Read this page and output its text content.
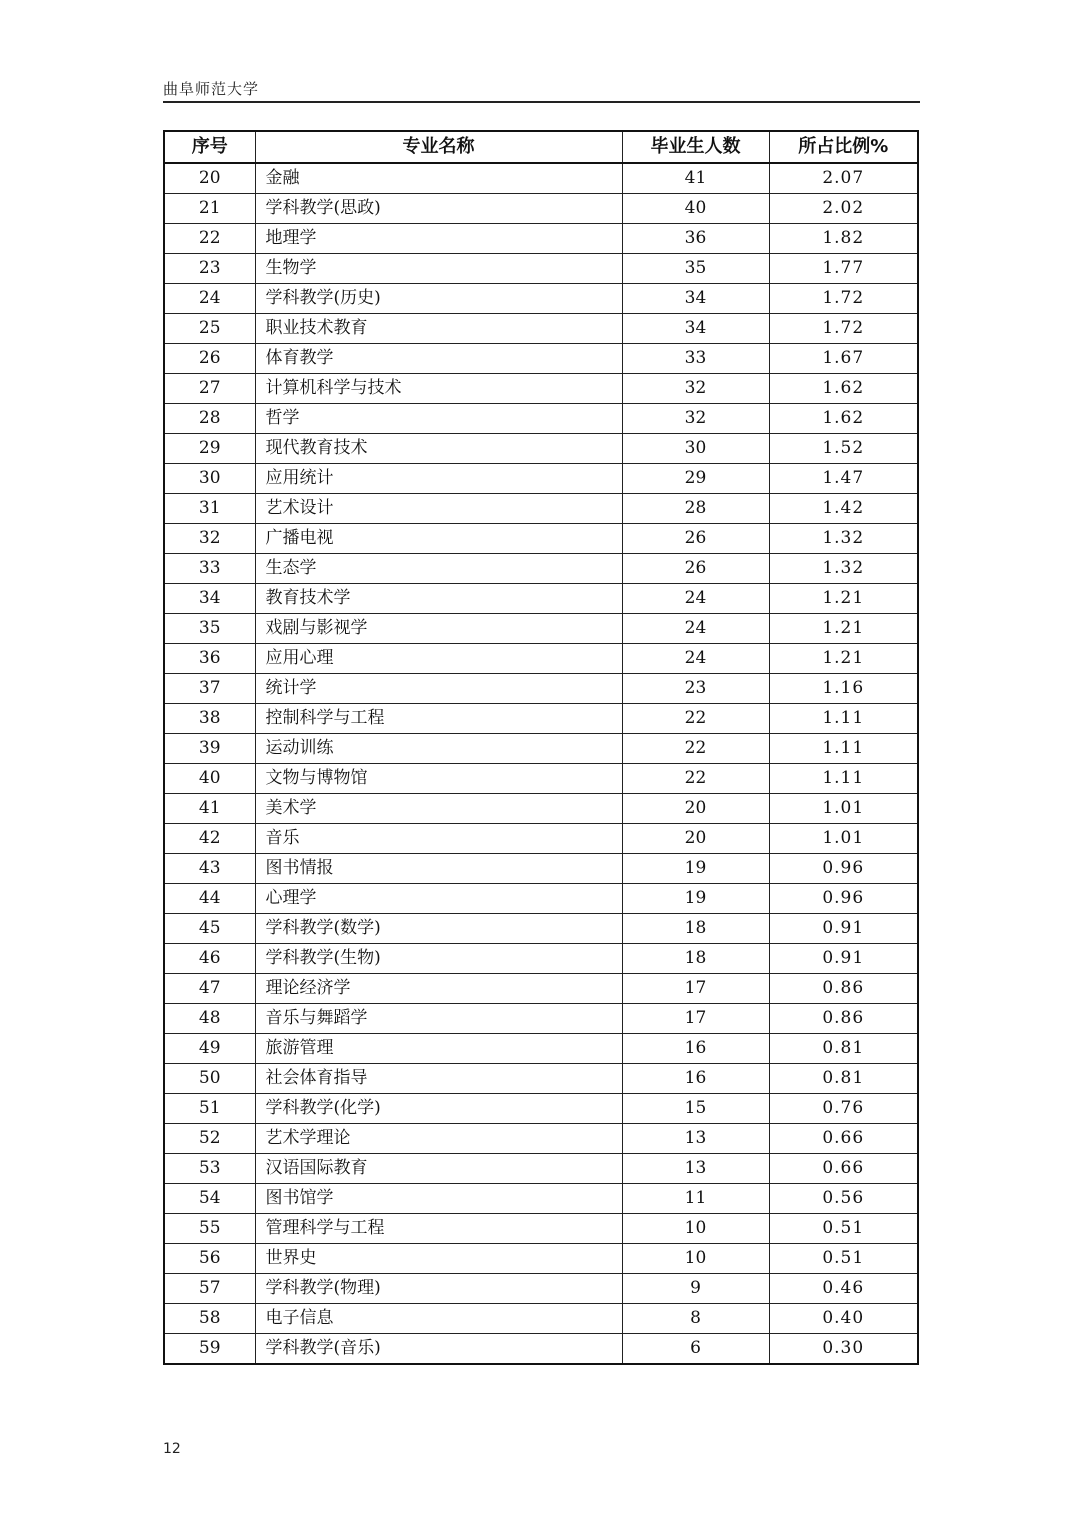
曲阜师范大学
序号	专业名称	毕业生人数	所占比例%
20	金融	41	2.07
21	学科教学(思政)	40	2.02
22	地理学	36	1.82
23	生物学	35	1.77
24	学科教学(历史)	34	1.72
25	职业技术教育	34	1.72
26	体育教学	33	1.67
27	计算机科学与技术	32	1.62
28	哲学	32	1.62
29	现代教育技术	30	1.52
30	应用统计	29	1.47
31	艺术设计	28	1.42
32	广播电视	26	1.32
33	生态学	26	1.32
34	教育技术学	24	1.21
35	戏剧与影视学	24	1.21
36	应用心理	24	1.21
37	统计学	23	1.16
38	控制科学与工程	22	1.11
39	运动训练	22	1.11
40	文物与博物馆	22	1.11
41	美术学	20	1.01
42	音乐	20	1.01
43	图书情报	19	0.96
44	心理学	19	0.96
45	学科教学(数学)	18	0.91
46	学科教学(生物)	18	0.91
47	理论经济学	17	0.86
48	音乐与舞蹈学	17	0.86
49	旅游管理	16	0.81
50	社会体育指导	16	0.81
51	学科教学(化学)	15	0.76
52	艺术学理论	13	0.66
53	汉语国际教育	13	0.66
54	图书馆学	11	0.56
55	管理科学与工程	10	0.51
56	世界史	10	0.51
57	学科教学(物理)	9	0.46
58	电子信息	8	0.40
59	学科教学(音乐)	6	0.30
12
